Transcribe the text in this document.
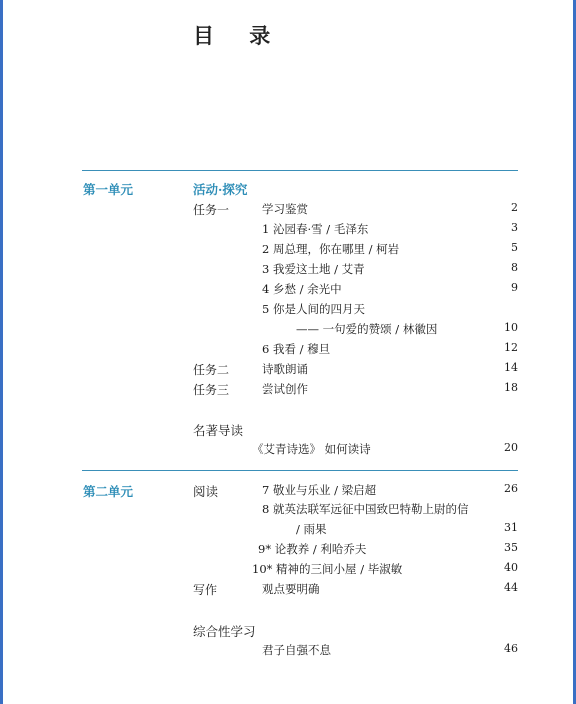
目 录
第一单元	活动·探究
任务一	学习鉴赏	2
1 沁园春·雪 / 毛泽东	3
2 周总理，你在哪里 / 柯岩	5
3 我爱这土地 / 艾青	8
4 乡愁 / 余光中	9
5 你是人间的四月天
—— 一句爱的赞颂 / 林徽因	10
6 我看 / 穆旦	12
任务二	诗歌朗诵	14
任务三	尝试创作	18
名著导读
《艾青诗选》 如何读诗	20
第二单元	阅读	7 敬业与乐业 / 梁启超	26
8 就英法联军远征中国致巴特勒上尉的信
/ 雨果	31
9* 论教养 / 利哈乔夫	35
10* 精神的三间小屋 / 毕淑敏	40
写作	观点要明确	44
综合性学习
君子自强不息	46
